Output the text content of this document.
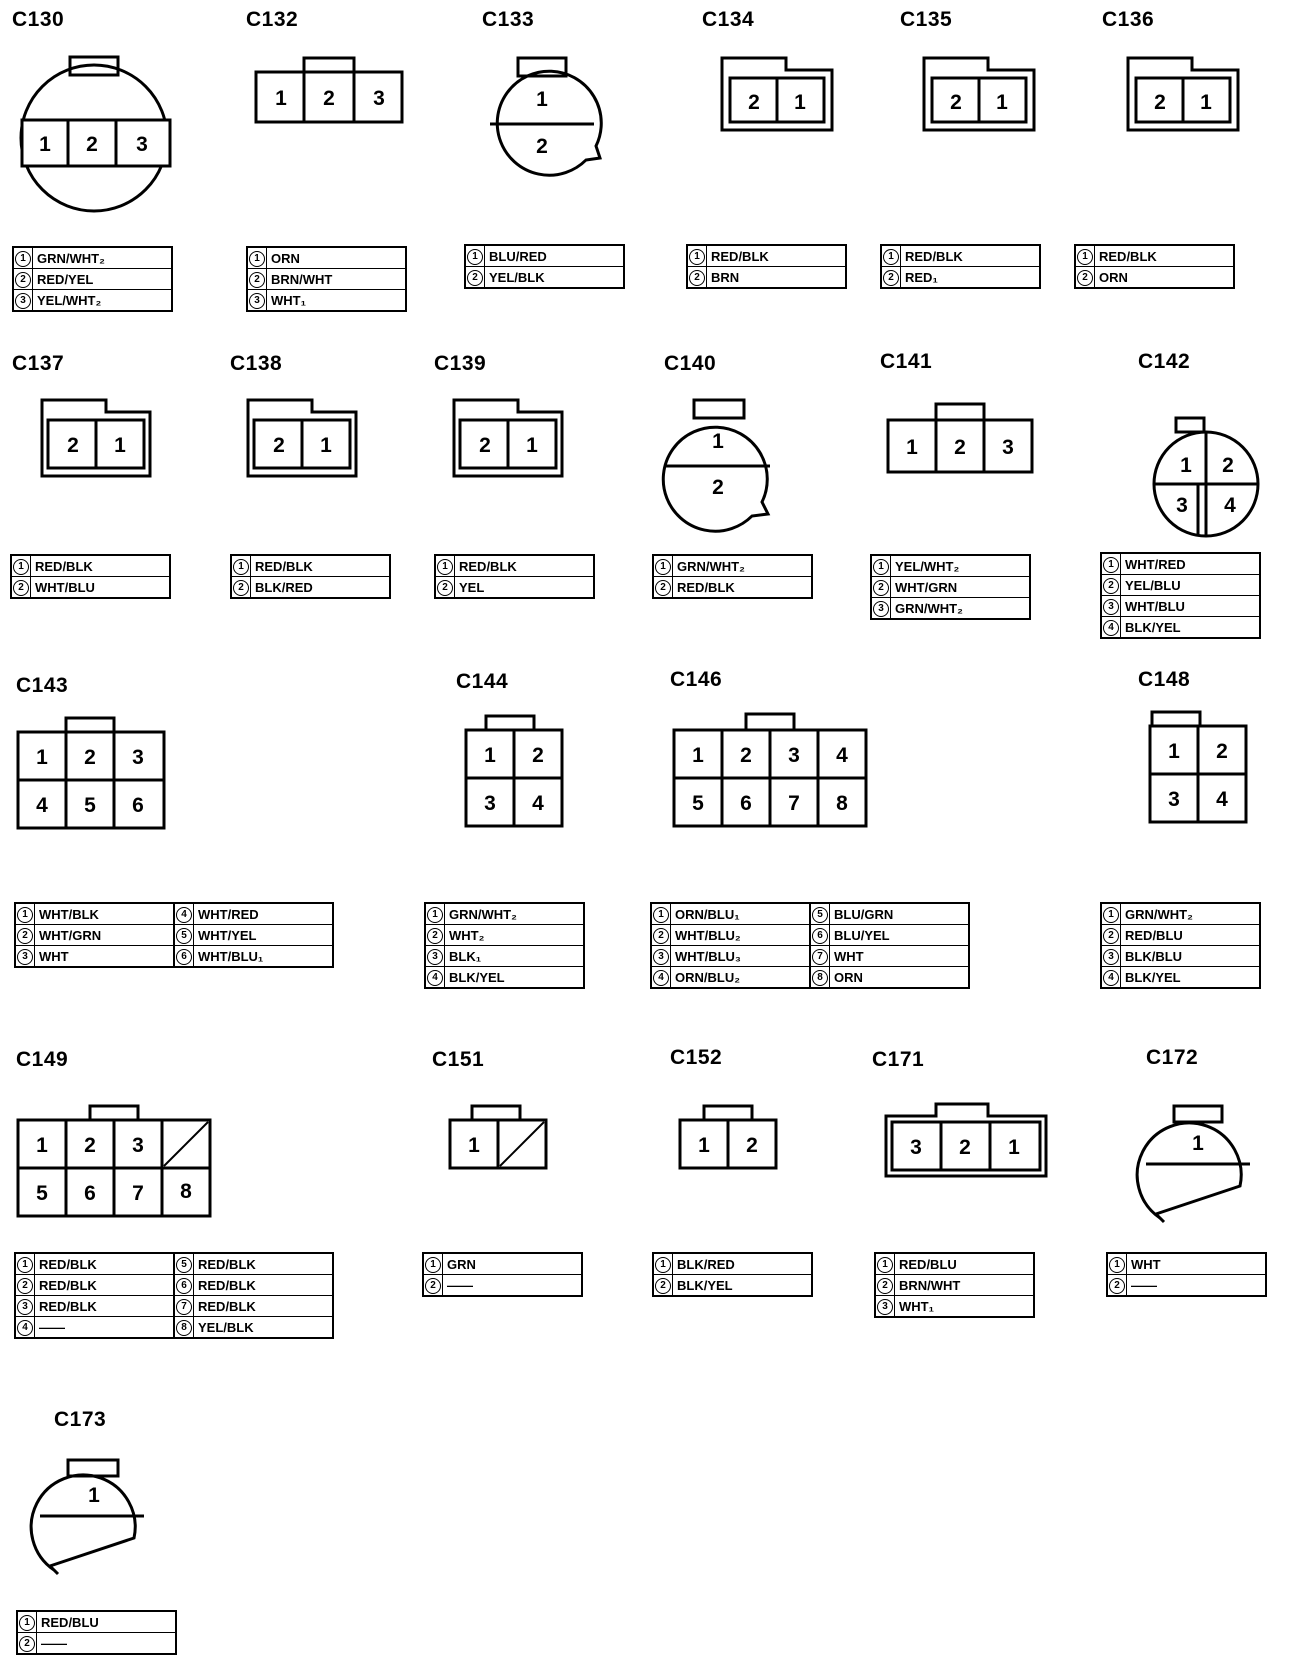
1 2 3
1 2 3	1
2
2 1	2 1	2 1
2 1	2 1	2 1	1
2
1 2 3
1 2
3 4
1 2 3
4 5 6
1 2
3 4
1 2 3 4
5 6 7 8
1 2
3 4
1 2 3
5 6 7 8
1	1 2	3 2 1	1
1
C130
1	GRN/WHT₂
2	RED/YEL
3	YEL/WHT₂
C132
1	ORN
2	BRN/WHT
3	WHT₁
C133
1	BLU/RED
2	YEL/BLK
C134
1	RED/BLK
2	BRN
C135
1	RED/BLK
2	RED₁
C136
1	RED/BLK
2	ORN
C137
1	RED/BLK
2	WHT/BLU
C138
1	RED/BLK
2	BLK/RED
C139
1	RED/BLK
2	YEL
C140
1	GRN/WHT₂
2	RED/BLK
C141
1	YEL/WHT₂
2	WHT/GRN
3	GRN/WHT₂
C142
1	WHT/RED
2	YEL/BLU
3	WHT/BLU
4	BLK/YEL
C143
1	WHT/BLK	4	WHT/RED
2	WHT/GRN	5	WHT/YEL
3	WHT	6	WHT/BLU₁
C144
1	GRN/WHT₂
2	WHT₂
3	BLK₁
4	BLK/YEL
C146
1	ORN/BLU₁	5	BLU/GRN
2	WHT/BLU₂	6	BLU/YEL
3	WHT/BLU₃	7	WHT
4	ORN/BLU₂	8	ORN
C148
1	GRN/WHT₂
2	RED/BLU
3	BLK/BLU
4	BLK/YEL
C149
1	RED/BLK	5	RED/BLK
2	RED/BLK	6	RED/BLK
3	RED/BLK	7	RED/BLK
4	——	8	YEL/BLK
C151
1	GRN
2	——
C152
1	BLK/RED
2	BLK/YEL
C171
1	RED/BLU
2	BRN/WHT
3	WHT₁
C172
1	WHT
2	——
C173
1	RED/BLU
2	——
